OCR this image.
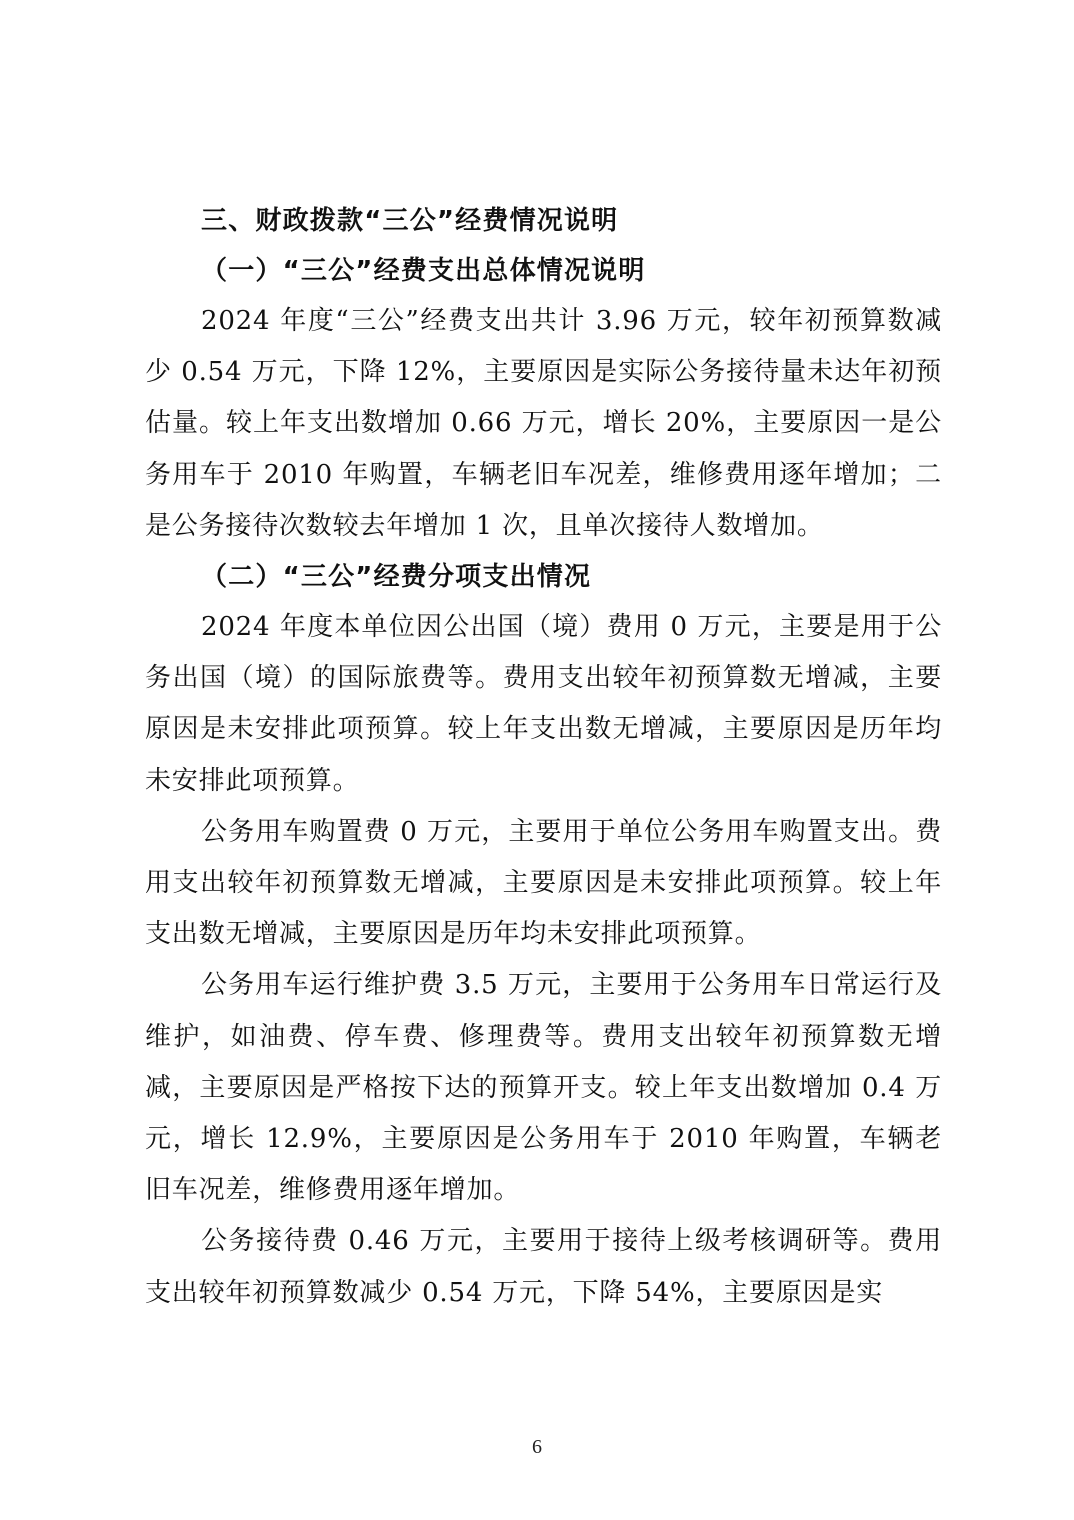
三、财政拨款“三公”经费情况说明

（一）“三公”经费支出总体情况说明

2024 年度“三公”经费支出共计 3.96 万元，较年初预算数减少 0.54 万元，下降 12%，主要原因是实际公务接待量未达年初预估量。较上年支出数增加 0.66 万元，增长 20%，主要原因一是公务用车于 2010 年购置，车辆老旧车况差，维修费用逐年增加；二是公务接待次数较去年增加 1 次，且单次接待人数增加。

（二）“三公”经费分项支出情况

2024 年度本单位因公出国（境）费用 0 万元，主要是用于公务出国（境）的国际旅费等。费用支出较年初预算数无增减，主要原因是未安排此项预算。较上年支出数无增减，主要原因是历年均未安排此项预算。

公务用车购置费 0 万元，主要用于单位公务用车购置支出。费用支出较年初预算数无增减，主要原因是未安排此项预算。较上年支出数无增减，主要原因是历年均未安排此项预算。

公务用车运行维护费 3.5 万元，主要用于公务用车日常运行及维护，如油费、停车费、修理费等。费用支出较年初预算数无增减，主要原因是严格按下达的预算开支。较上年支出数增加 0.4 万元，增长 12.9%，主要原因是公务用车于 2010 年购置，车辆老旧车况差，维修费用逐年增加。

公务接待费 0.46 万元，主要用于接待上级考核调研等。费用支出较年初预算数减少 0.54 万元，下降 54%，主要原因是实

6
